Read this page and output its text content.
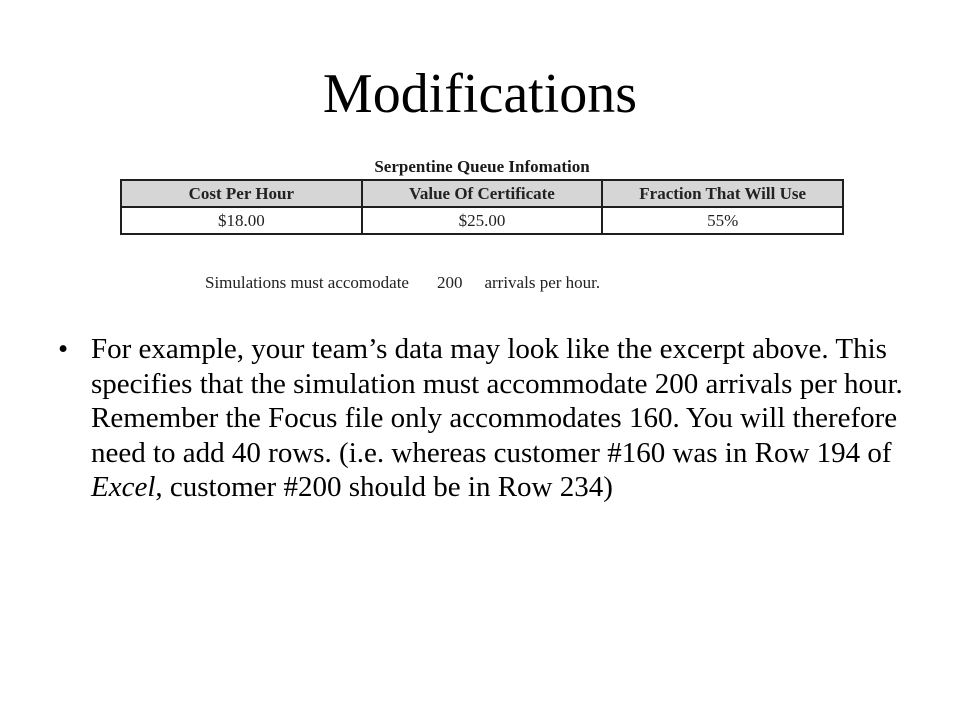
Modifications
Serpentine Queue Infomation
Cost Per Hour	Value Of Certificate	Fraction That Will Use
$18.00	$25.00	55%
Simulations must accomodate 200 arrivals per hour.
• For example, your team’s data may look like the excerpt above. This specifies that the simulation must accommodate 200 arrivals per hour. Remember the Focus file only accommodates 160. You will therefore need to add 40 rows. (i.e. whereas customer #160 was in Row 194 of Excel, customer #200 should be in Row 234)
